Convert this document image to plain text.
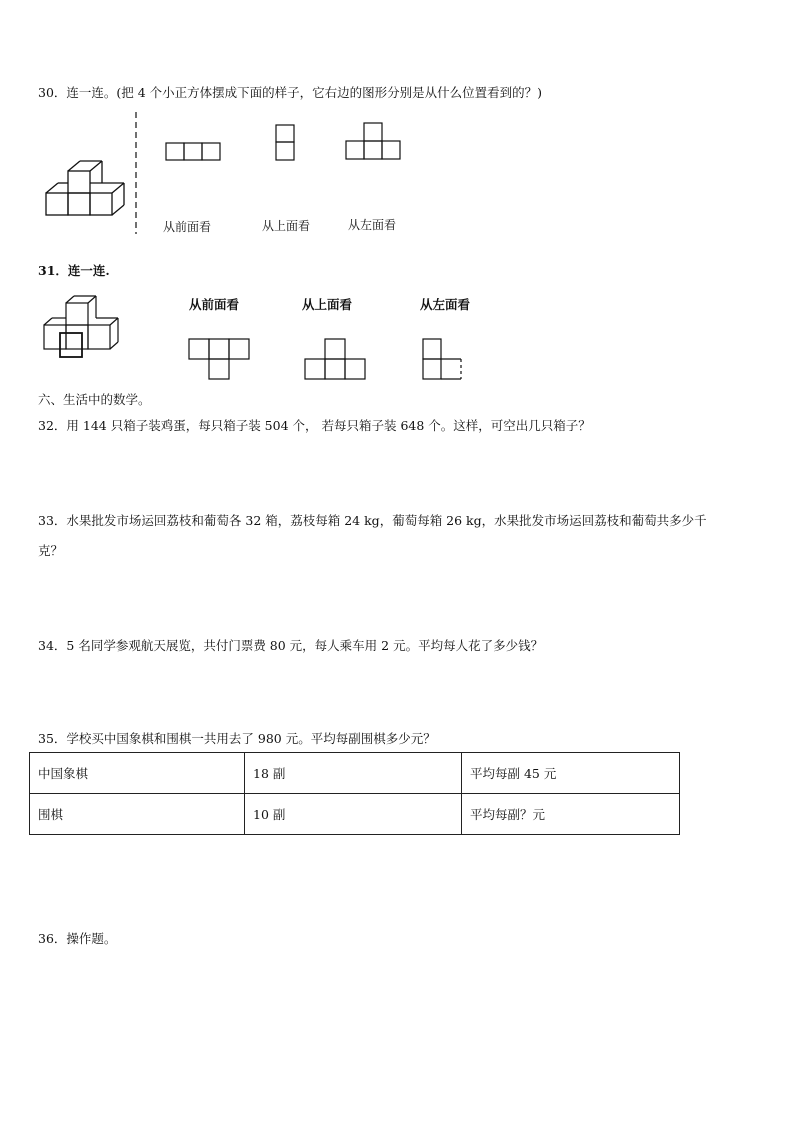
30．连一连。(把 4 个小正方体摆成下面的样子，它右边的图形分别是从什么位置看到的？)
从前面看	从上面看	从左面看
31．连一连.
从前面看	从上面看	从左面看
六、生活中的数学。
32．用 144 只箱子装鸡蛋，每只箱子装 504 个， 若每只箱子装 648 个。这样，可空出几只箱子？
33．水果批发市场运回荔枝和葡萄各 32 箱，荔枝每箱 24 kg，葡萄每箱 26 kg，水果批发市场运回荔枝和葡萄共多少千
克？
34．5 名同学参观航天展览，共付门票费 80 元，每人乘车用 2 元。平均每人花了多少钱？
35．学校买中国象棋和围棋一共用去了 980 元。平均每副围棋多少元？
中国象棋	18 副	平均每副 45 元
围棋	10 副	平均每副？元
36．操作题。
